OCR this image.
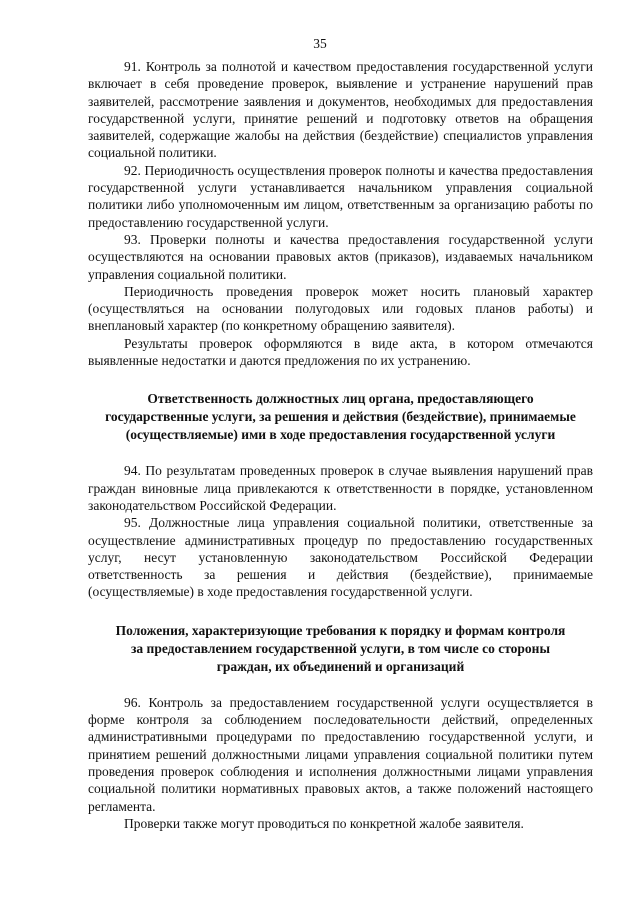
35

91. Контроль за полнотой и качеством предоставления государственной услуги включает в себя проведение проверок, выявление и устранение нарушений прав заявителей, рассмотрение заявления и документов, необходимых для предоставления государственной услуги, принятие решений и подготовку ответов на обращения заявителей, содержащие жалобы на действия (бездействие) специалистов управления социальной политики.

92. Периодичность осуществления проверок полноты и качества предоставления государственной услуги устанавливается начальником управления социальной политики либо уполномоченным им лицом, ответственным за организацию работы по предоставлению государственной услуги.

93. Проверки полноты и качества предоставления государственной услуги осуществляются на основании правовых актов (приказов), издаваемых начальником управления социальной политики.

Периодичность проведения проверок может носить плановый характер (осуществляться на основании полугодовых или годовых планов работы) и внеплановый характер (по конкретному обращению заявителя).

Результаты проверок оформляются в виде акта, в котором отмечаются выявленные недостатки и даются предложения по их устранению.

Ответственность должностных лиц органа, предоставляющего
государственные услуги, за решения и действия (бездействие), принимаемые
(осуществляемые) ими в ходе предоставления государственной услуги

94. По результатам проведенных проверок в случае выявления нарушений прав граждан виновные лица привлекаются к ответственности в порядке, установленном законодательством Российской Федерации.

95. Должностные лица управления социальной политики, ответственные за осуществление административных процедур по предоставлению государственных услуг, несут установленную законодательством Российской Федерации ответственность за решения и действия (бездействие), принимаемые (осуществляемые) в ходе предоставления государственной услуги.

Положения, характеризующие требования к порядку и формам контроля
за предоставлением государственной услуги, в том числе со стороны
граждан, их объединений и организаций

96. Контроль за предоставлением государственной услуги осуществляется в форме контроля за соблюдением последовательности действий, определенных административными процедурами по предоставлению государственной услуги, и принятием решений должностными лицами управления социальной политики путем проведения проверок соблюдения и исполнения должностными лицами управления социальной политики нормативных правовых актов, а также положений настоящего регламента.

Проверки также могут проводиться по конкретной жалобе заявителя.
